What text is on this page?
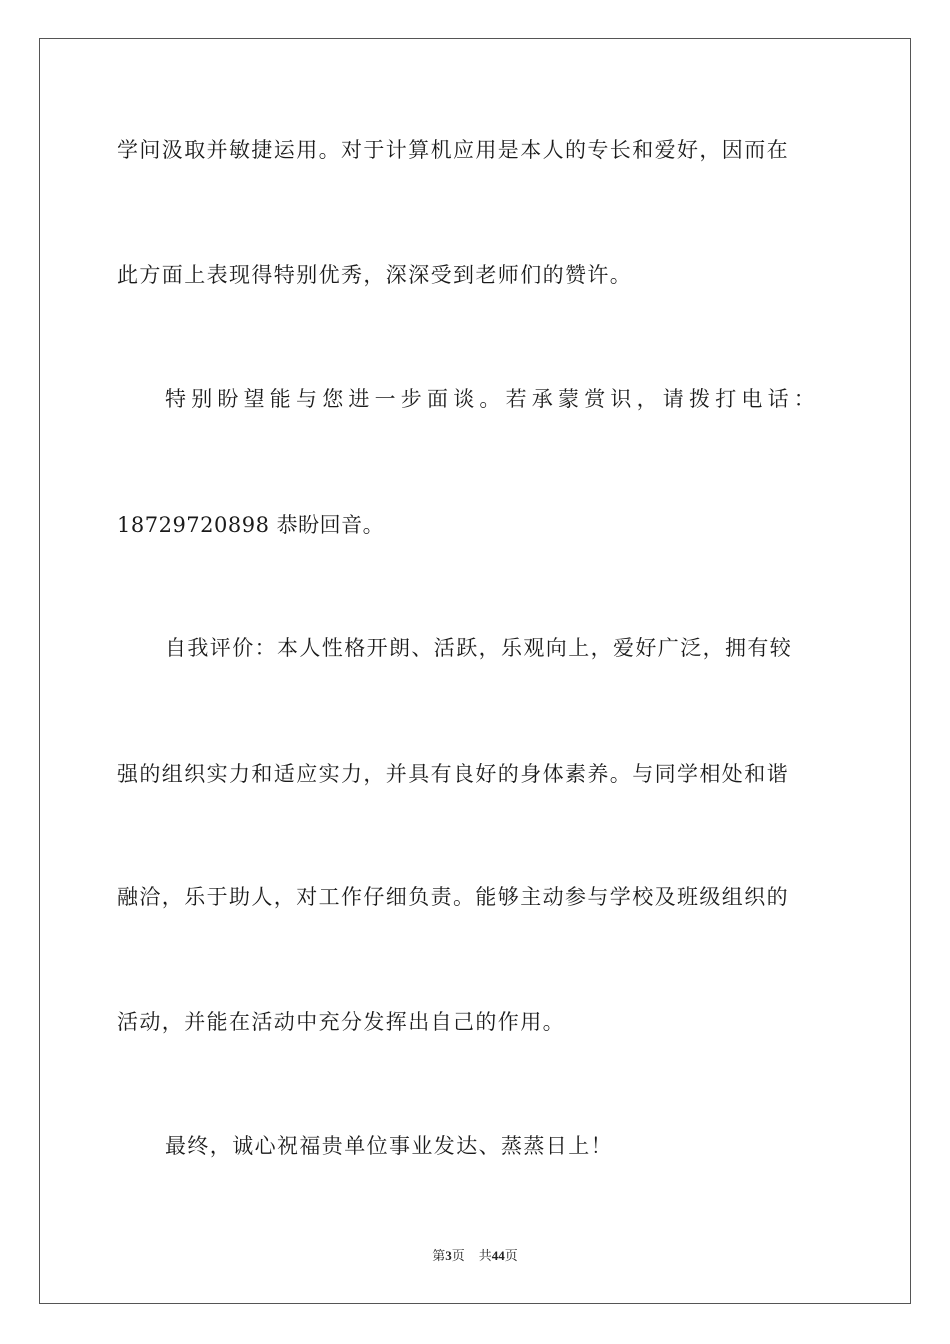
学问汲取并敏捷运用。对于计算机应用是本人的专长和爱好，因而在
此方面上表现得特别优秀，深深受到老师们的赞许。
特别盼望能与您进一步面谈。若承蒙赏识，请拨打电话：
18729720898 恭盼回音。
自我评价：本人性格开朗、活跃，乐观向上，爱好广泛，拥有较
强的组织实力和适应实力，并具有良好的身体素养。与同学相处和谐
融洽，乐于助人，对工作仔细负责。能够主动参与学校及班级组织的
活动，并能在活动中充分发挥出自己的作用。
最终，诚心祝福贵单位事业发达、蒸蒸日上！
第3页 共44页
